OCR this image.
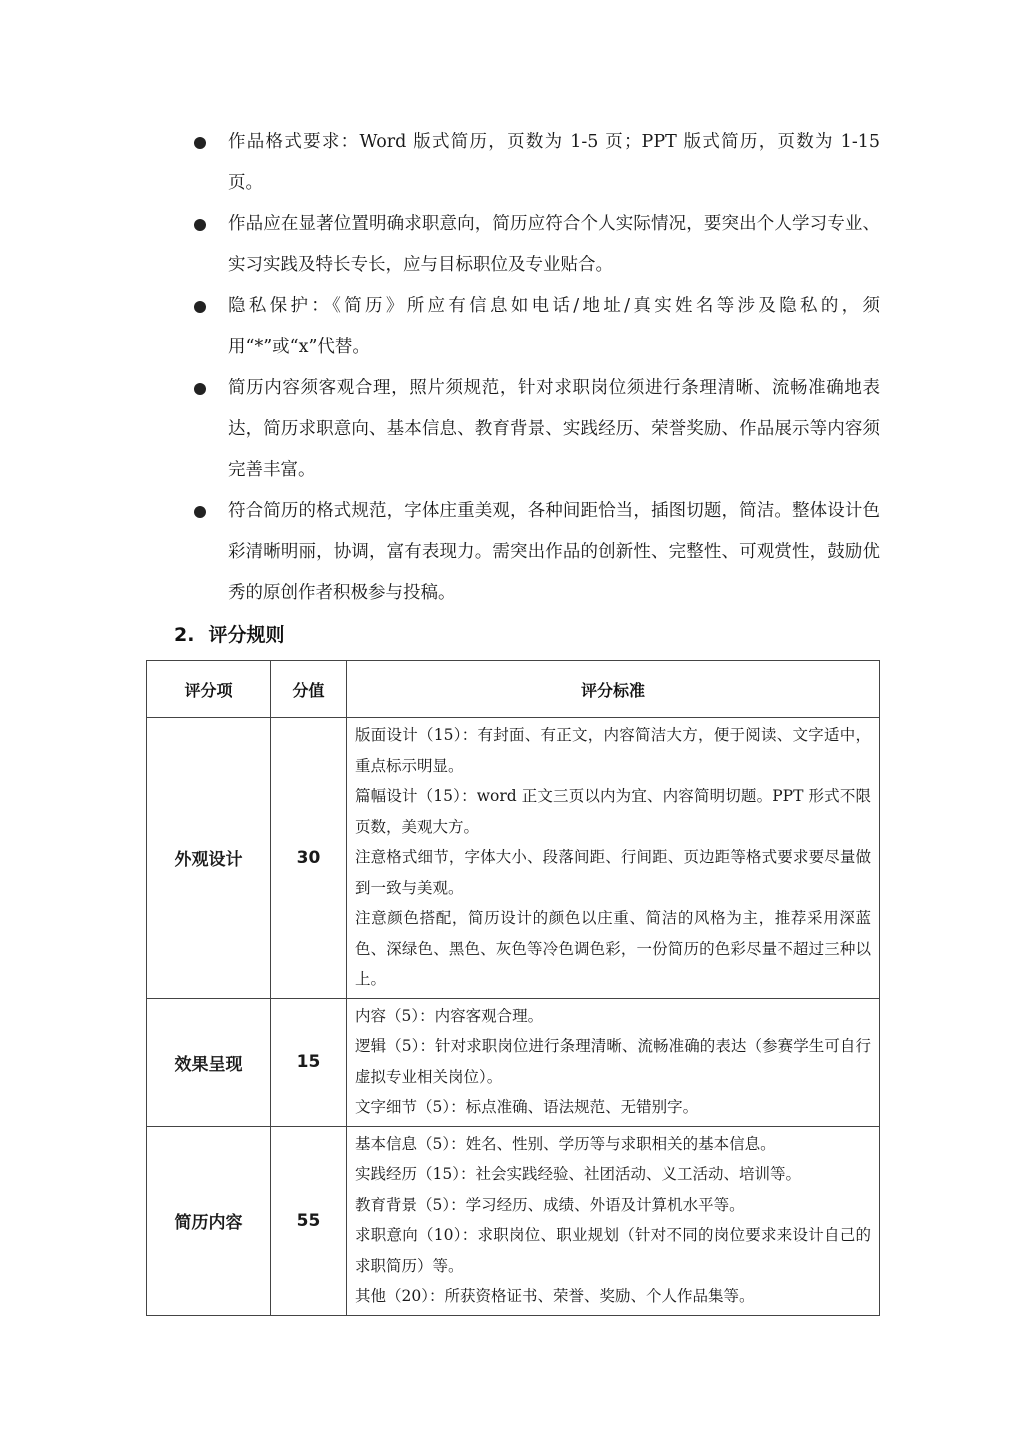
作品格式要求：Word 版式简历，页数为 1-5 页；PPT 版式简历，页数为 1-15 页。
作品应在显著位置明确求职意向，简历应符合个人实际情况，要突出个人学习专业、实习实践及特长专长，应与目标职位及专业贴合。
隐私保护：《简历》所应有信息如电话/地址/真实姓名等涉及隐私的，须用“*”或“x”代替。
简历内容须客观合理，照片须规范，针对求职岗位须进行条理清晰、流畅准确地表达，简历求职意向、基本信息、教育背景、实践经历、荣誉奖励、作品展示等内容须完善丰富。
符合简历的格式规范，字体庄重美观，各种间距恰当，插图切题，简洁。整体设计色彩清晰明丽，协调，富有表现力。需突出作品的创新性、完整性、可观赏性，鼓励优秀的原创作者积极参与投稿。
2. 评分规则
评分项	分值	评分标准
外观设计	30	版面设计（15）：有封面、有正文，内容简洁大方，便于阅读、文字适中，重点标示明显。
篇幅设计（15）：word 正文三页以内为宜、内容简明切题。PPT 形式不限页数，美观大方。
注意格式细节，字体大小、段落间距、行间距、页边距等格式要求要尽量做到一致与美观。
注意颜色搭配，简历设计的颜色以庄重、简洁的风格为主，推荐采用深蓝色、深绿色、黑色、灰色等冷色调色彩，一份简历的色彩尽量不超过三种以上。

效果呈现	15	内容（5）：内容客观合理。
逻辑（5）：针对求职岗位进行条理清晰、流畅准确的表达（参赛学生可自行虚拟专业相关岗位）。
文字细节（5）：标点准确、语法规范、无错别字。

简历内容	55	基本信息（5）：姓名、性别、学历等与求职相关的基本信息。
实践经历（15）：社会实践经验、社团活动、义工活动、培训等。
教育背景（5）：学习经历、成绩、外语及计算机水平等。
求职意向（10）：求职岗位、职业规划（针对不同的岗位要求来设计自己的求职简历）等。
其他（20）：所获资格证书、荣誉、奖励、个人作品集等。
